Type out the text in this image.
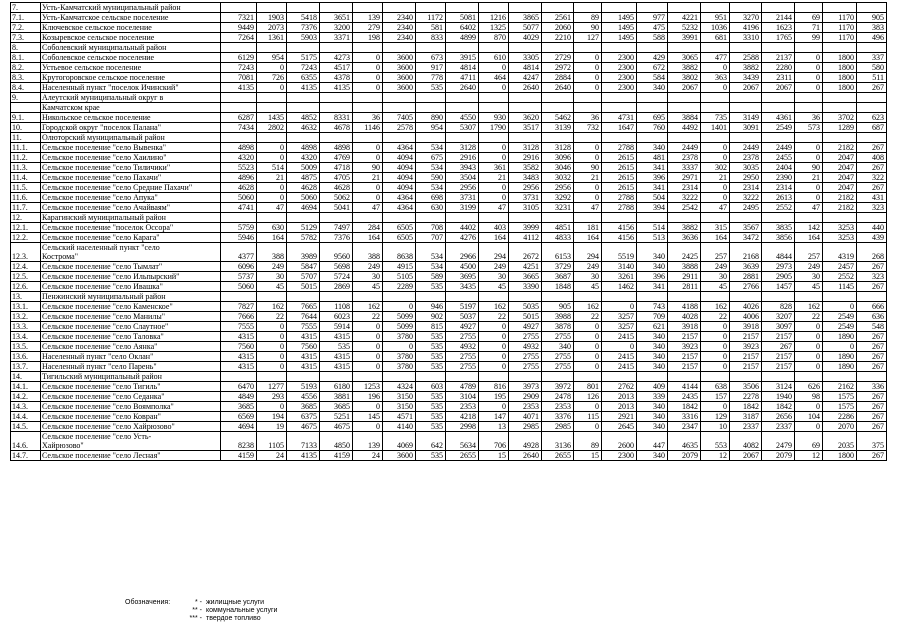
7.	Усть-Камчатский муниципальный район																					
7.1.	Усть-Камчатское сельское поселение	7321	1903	5418	3651	139	2340	1172	5081	1216	3865	2561	89	1495	977	4221	951	3270	2144	69	1170	905
7.2.	Ключевское сельское поселение	9449	2073	7376	3200	279	2340	581	6402	1325	5077	2060	90	1495	475	5232	1036	4196	1623	71	1170	383
7.3.	Козыревское сельское поселение	7264	1361	5903	3371	198	2340	833	4899	870	4029	2210	127	1495	588	3991	681	3310	1765	99	1170	496
8.	Соболевский муниципальный район																					
8.1.	Соболевское сельское поселение	6129	954	5175	4273	0	3600	673	3915	610	3305	2729	0	2300	429	3065	477	2588	2137	0	1800	337
8.2.	Устьевое сельское поселение	7243	0	7243	4517	0	3600	917	4814	0	4814	2972	0	2300	672	3882	0	3882	2280	0	1800	580
8.3.	Крутогоровское сельское поселение	7081	726	6355	4378	0	3600	778	4711	464	4247	2884	0	2300	584	3802	363	3439	2311	0	1800	511
8.4.	Населенный пункт "поселок Ичинский"	4135	0	4135	4135	0	3600	535	2640	0	2640	2640	0	2300	340	2067	0	2067	2067	0	1800	267
9.	Алеутский муниципальный округ в																					
	Камчатском крае																					
9.1.	Никольское сельское поселение	6287	1435	4852	8331	36	7405	890	4550	930	3620	5462	36	4731	695	3884	735	3149	4361	36	3702	623
10.	Городской округ "поселок Палана"	7434	2802	4632	4678	1146	2578	954	5307	1790	3517	3139	732	1647	760	4492	1401	3091	2549	573	1289	687
11.	Олюторский муниципальный район																					
11.1.	Сельское поселение "село Вывенка"	4898	0	4898	4898	0	4364	534	3128	0	3128	3128	0	2788	340	2449	0	2449	2449	0	2182	267
11.2.	Сельское поселение "село Хаилино"	4320	0	4320	4769	0	4094	675	2916	0	2916	3096	0	2615	481	2378	0	2378	2455	0	2047	408
11.3.	Сельское поселение "село Тиличики"	5523	514	5009	4718	90	4094	534	3943	361	3582	3046	90	2615	341	3337	302	3035	2404	90	2047	267
11.4.	Сельское поселение "село Пахачи"	4896	21	4875	4705	21	4094	590	3504	21	3483	3032	21	2615	396	2971	21	2950	2390	21	2047	322
11.5.	Сельское поселение "село Средние Пахачи"	4628	0	4628	4628	0	4094	534	2956	0	2956	2956	0	2615	341	2314	0	2314	2314	0	2047	267
11.6.	Сельское поселение "село Апука"	5060	0	5060	5062	0	4364	698	3731	0	3731	3292	0	2788	504	3222	0	3222	2613	0	2182	431
11.7.	Сельское поселение "село Ачайваям"	4741	47	4694	5041	47	4364	630	3199	47	3105	3231	47	2788	394	2542	47	2495	2552	47	2182	323
12.	Карагинский муниципальный район																					
12.1.	Сельское поселение "поселок Оссора"	5759	630	5129	7497	284	6505	708	4402	403	3999	4851	181	4156	514	3882	315	3567	3835	142	3253	440
12.2.	Сельское поселение "село Карага"	5946	164	5782	7376	164	6505	707	4276	164	4112	4833	164	4156	513	3636	164	3472	3856	164	3253	439
12.3.	Сельский населенный пункт "село
Кострома"	4377	388	3989	9560	388	8638	534	2966	294	2672	6153	294	5519	340	2425	257	2168	4844	257	4319	268
12.4.	Сельское поселение "село Тымлат"	6096	249	5847	5698	249	4915	534	4500	249	4251	3729	249	3140	340	3888	249	3639	2973	249	2457	267
12.5.	Сельское поселение "село Ильпырский"	5737	30	5707	5724	30	5105	589	3695	30	3665	3687	30	3261	396	2911	30	2881	2905	30	2552	323
12.6.	Сельское поселение "село Ивашка"	5060	45	5015	2869	45	2289	535	3435	45	3390	1848	45	1462	341	2811	45	2766	1457	45	1145	267
13.	Пенжинский муниципальный район																					
13.1.	Сельское поселение "село Каменское"	7827	162	7665	1108	162	0	946	5197	162	5035	905	162	0	743	4188	162	4026	828	162	0	666
13.2.	Сельское поселение "село Манилы"	7666	22	7644	6023	22	5099	902	5037	22	5015	3988	22	3257	709	4028	22	4006	3207	22	2549	636
13.3.	Сельское поселение "село Слаутное"	7555	0	7555	5914	0	5099	815	4927	0	4927	3878	0	3257	621	3918	0	3918	3097	0	2549	548
13.4.	Сельское поселение "село Таловка"	4315	0	4315	4315	0	3780	535	2755	0	2755	2755	0	2415	340	2157	0	2157	2157	0	1890	267
13.5.	Сельское поселение "село Аянка"	7560	0	7560	535	0	0	535	4932	0	4932	340	0	0	340	3923	0	3923	267	0	0	267
13.6.	Населенный пункт "село Оклан"	4315	0	4315	4315	0	3780	535	2755	0	2755	2755	0	2415	340	2157	0	2157	2157	0	1890	267
13.7.	Населенный пункт "село Парень"	4315	0	4315	4315	0	3780	535	2755	0	2755	2755	0	2415	340	2157	0	2157	2157	0	1890	267
14.	Тигильский муниципальный район																					
14.1.	Сельское поселение "село Тигиль"	6470	1277	5193	6180	1253	4324	603	4789	816	3973	3972	801	2762	409	4144	638	3506	3124	626	2162	336
14.2.	Сельское поселение "село Седанка"	4849	293	4556	3881	196	3150	535	3104	195	2909	2478	126	2013	339	2435	157	2278	1940	98	1575	267
14.3.	Сельское поселение "село Воямполка"	3685	0	3685	3685	0	3150	535	2353	0	2353	2353	0	2013	340	1842	0	1842	1842	0	1575	267
14.4.	Сельское поселение "село Ковран"	6569	194	6375	5251	145	4571	535	4218	147	4071	3376	115	2921	340	3316	129	3187	2656	104	2286	267
14.5.	Сельское поселение "село Хайрюзово"	4694	19	4675	4675	0	4140	535	2998	13	2985	2985	0	2645	340	2347	10	2337	2337	0	2070	267
14.6.	Сельское поселение "село Усть-
Хайрюзово"	8238	1105	7133	4850	139	4069	642	5634	706	4928	3136	89	2600	447	4635	553	4082	2479	69	2035	375
14.7.	Сельское поселение "село Лесная"	4159	24	4135	4159	24	3600	535	2655	15	2640	2655	15	2300	340	2079	12	2067	2079	12	1800	267
Обозначения:	* - жилищные услуги
** - коммунальные услуги
*** - твердое топливо
